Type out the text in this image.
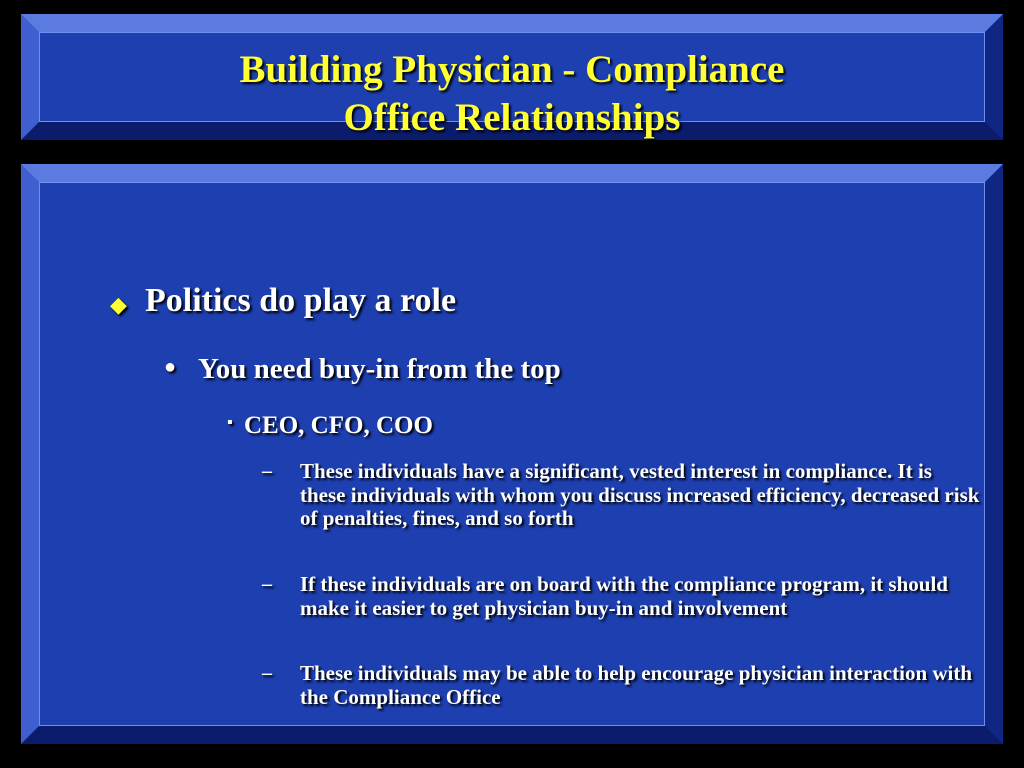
Building Physician - Compliance
Office Relationships
◆ Politics do play a role
● You need buy-in from the top
▪ CEO, CFO, COO
– These individuals have a significant, vested interest in compliance. It is these individuals with whom you discuss increased efficiency, decreased risk of penalties, fines, and so forth
– If these individuals are on board with the compliance program, it should make it easier to get physician buy-in and involvement
– These individuals may be able to help encourage physician interaction with the Compliance Office
